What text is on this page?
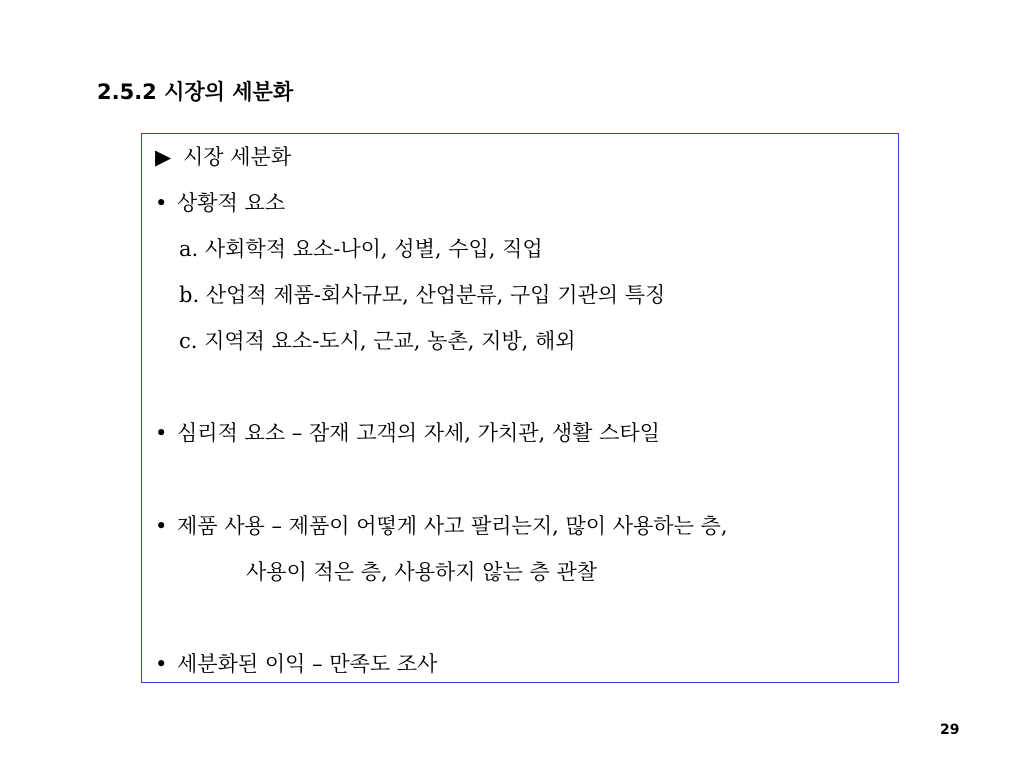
2.5.2 시장의 세분화
▶ 시장 세분화
• 상황적 요소
a. 사회학적 요소-나이, 성별, 수입, 직업
b. 산업적 제품-회사규모, 산업분류, 구입 기관의 특징
c. 지역적 요소-도시, 근교, 농촌, 지방, 해외
• 심리적 요소 – 잠재 고객의 자세, 가치관, 생활 스타일
• 제품 사용 – 제품이 어떻게 사고 팔리는지, 많이 사용하는 층,
사용이 적은 층, 사용하지 않는 층 관찰
• 세분화된 이익 – 만족도 조사
29
